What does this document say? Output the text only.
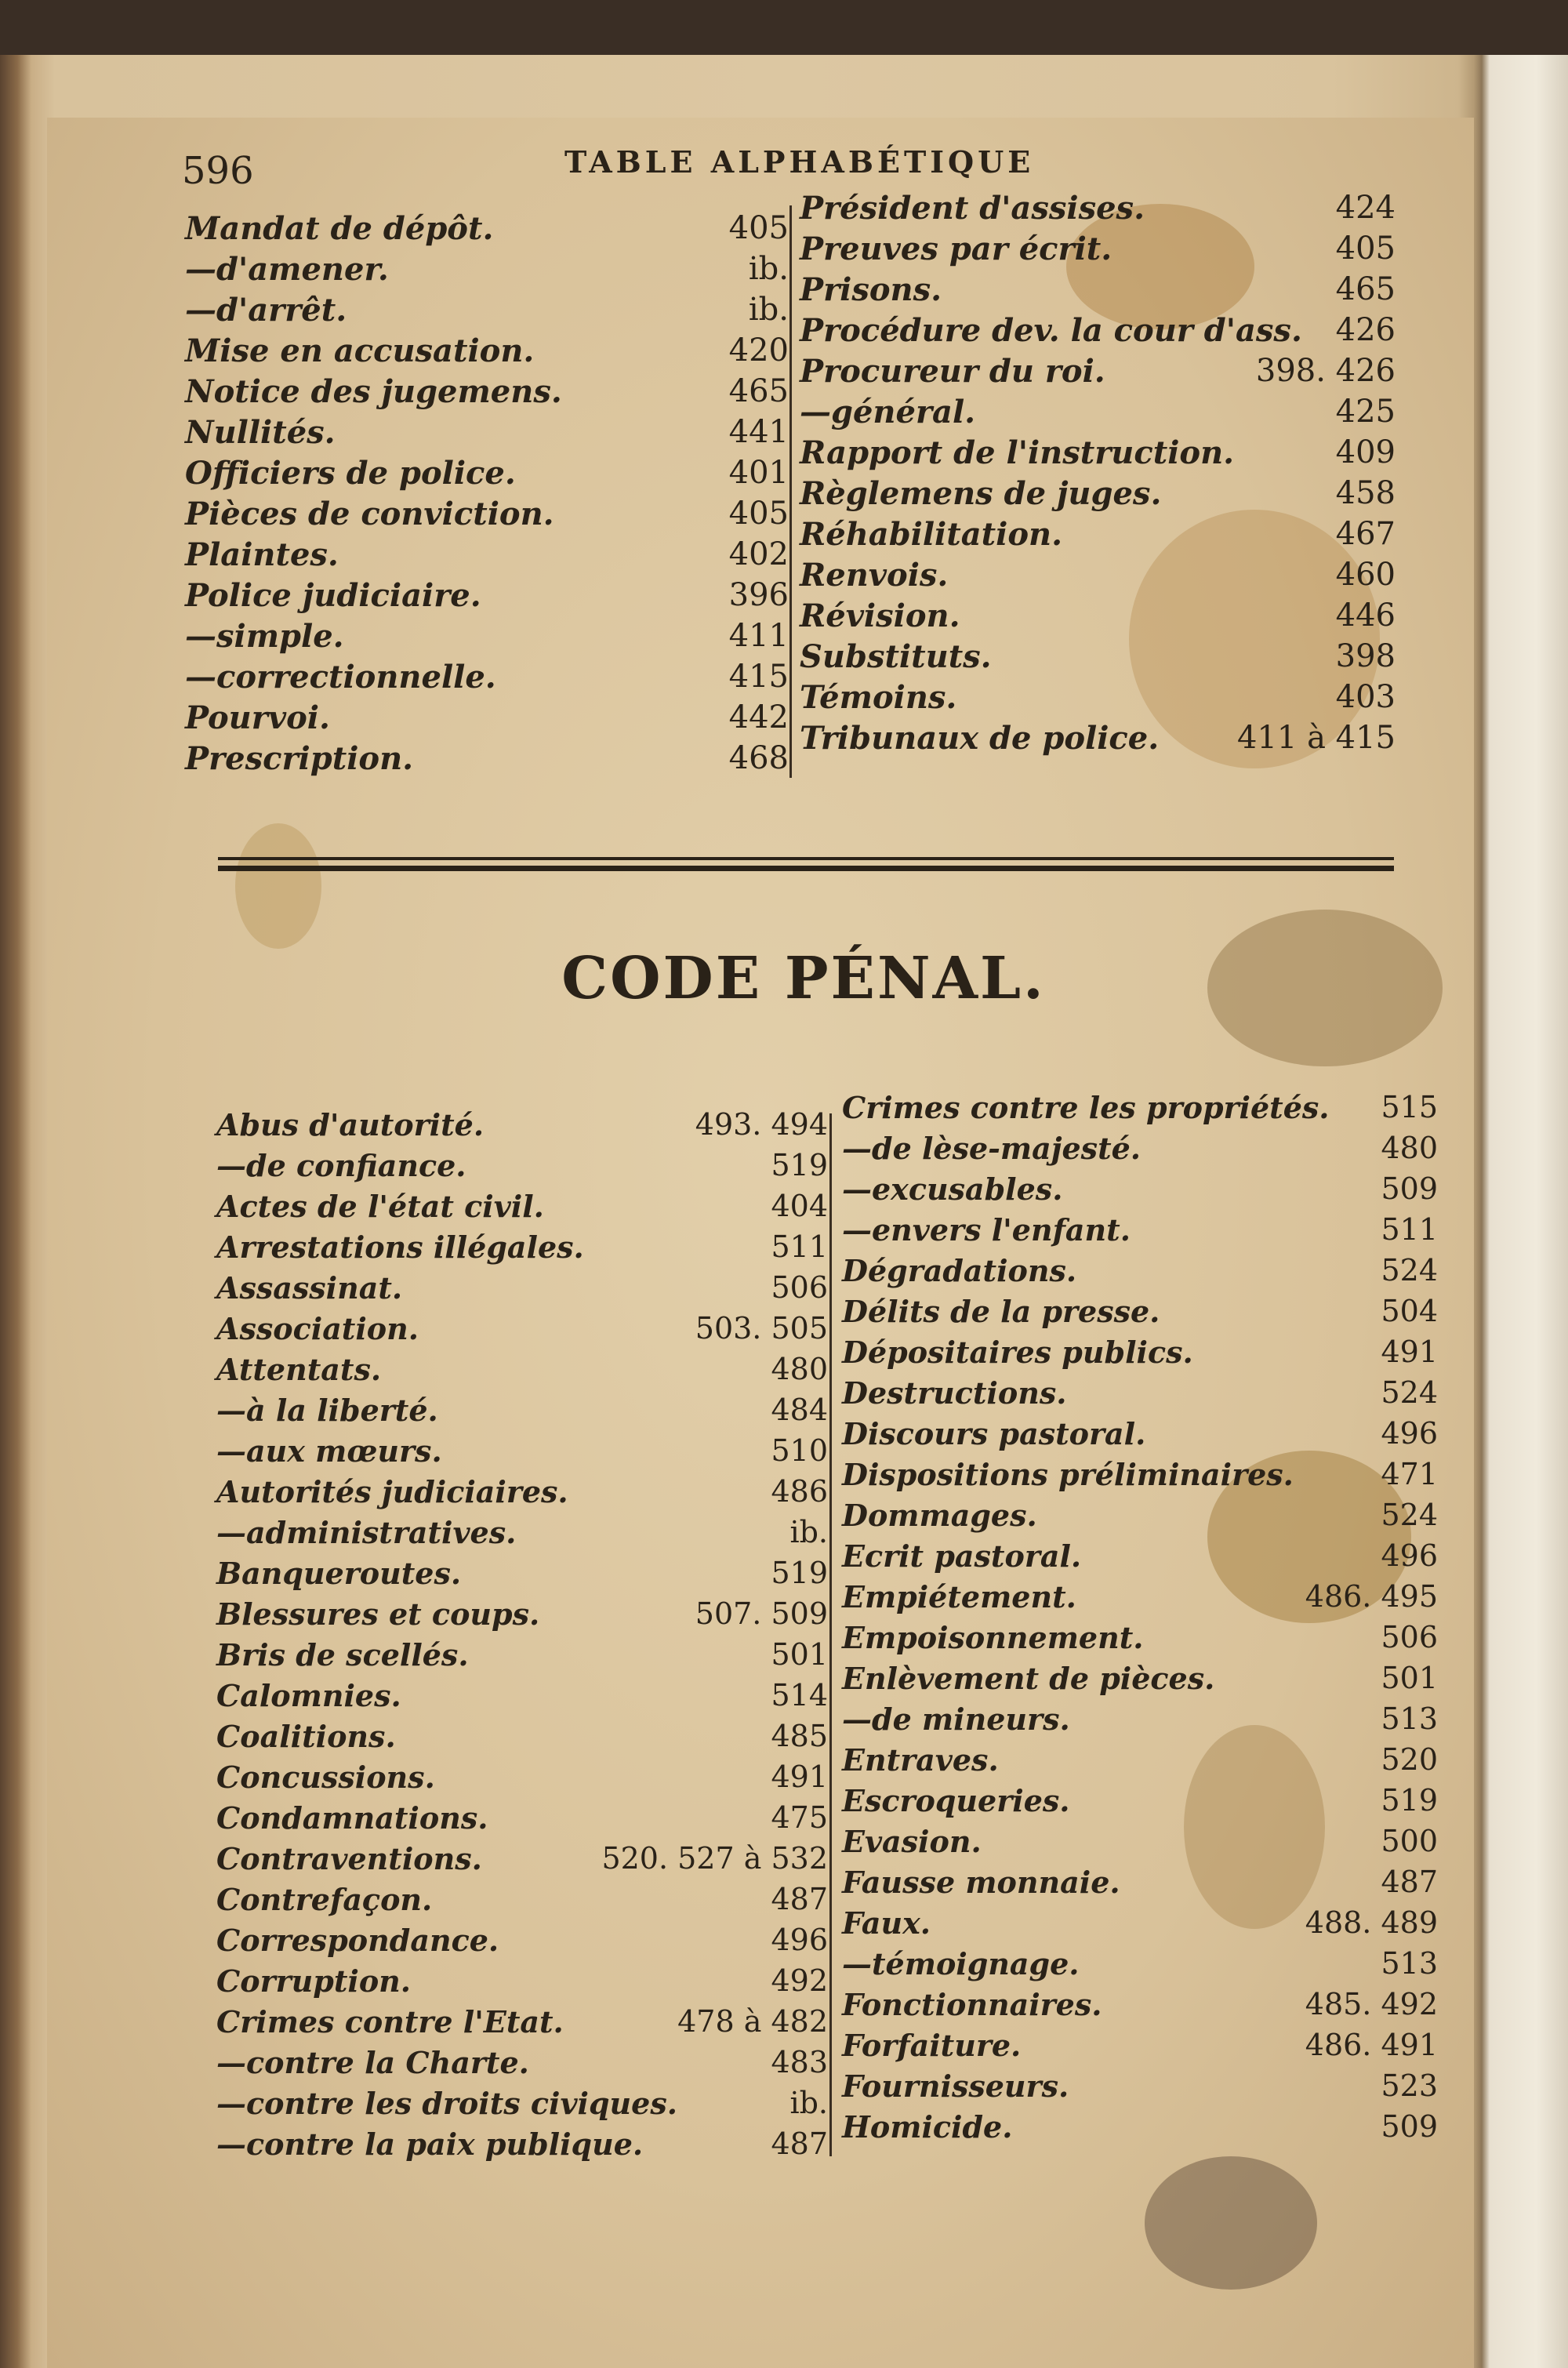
596	TABLE ALPHABÉTIQUE
Mandat de dépôt.	405
—d'amener.	ib.
—d'arrêt.	ib.
Mise en accusation.	420
Notice des jugemens.	465
Nullités.	441
Officiers de police.	401
Pièces de conviction.	405
Plaintes.	402
Police judiciaire.	396
—simple.	411
—correctionnelle.	415
Pourvoi.	442
Prescription.	468
Président d'assises.	424
Preuves par écrit.	405
Prisons.	465
Procédure dev. la cour d'ass. 426
Procureur du roi.	398. 426
—général.	425
Rapport de l'instruction.	409
Règlemens de juges.	458
Réhabilitation.	467
Renvois.	460
Révision.	446
Substituts.	398
Témoins.	403
Tribunaux de police. 411 à 415
CODE PÉNAL.
Abus d'autorité.	493. 494
—de confiance.	519
Actes de l'état civil.	404
Arrestations illégales.	511
Assassinat.	506
Association.	503. 505
Attentats.	480
—à la liberté.	484
—aux mœurs.	510
Autorités judiciaires.	486
—administratives.	ib.
Banqueroutes.	519
Blessures et coups.	507. 509
Bris de scellés.	501
Calomnies.	514
Coalitions.	485
Concussions.	491
Condamnations.	475
Contraventions.	520. 527 à 532
Contrefaçon.	487
Correspondance.	496
Corruption.	492
Crimes contre l'Etat.	478 à 482
—contre la Charte.	483
—contre les droits civiques.	ib.
—contre la paix publique.	487
Crimes contre les propriétés. 515
—de lèse-majesté.	480
—excusables.	509
—envers l'enfant.	511
Dégradations.	524
Délits de la presse.	504
Dépositaires publics.	491
Destructions.	524
Discours pastoral.	496
Dispositions préliminaires.	471
Dommages.	524
Ecrit pastoral.	496
Empiétement.	486. 495
Empoisonnement.	506
Enlèvement de pièces.	501
—de mineurs.	513
Entraves.	520
Escroqueries.	519
Evasion.	500
Fausse monnaie.	487
Faux.	488. 489
—témoignage.	513
Fonctionnaires.	485. 492
Forfaiture.	486. 491
Fournisseurs.	523
Homicide.	509
